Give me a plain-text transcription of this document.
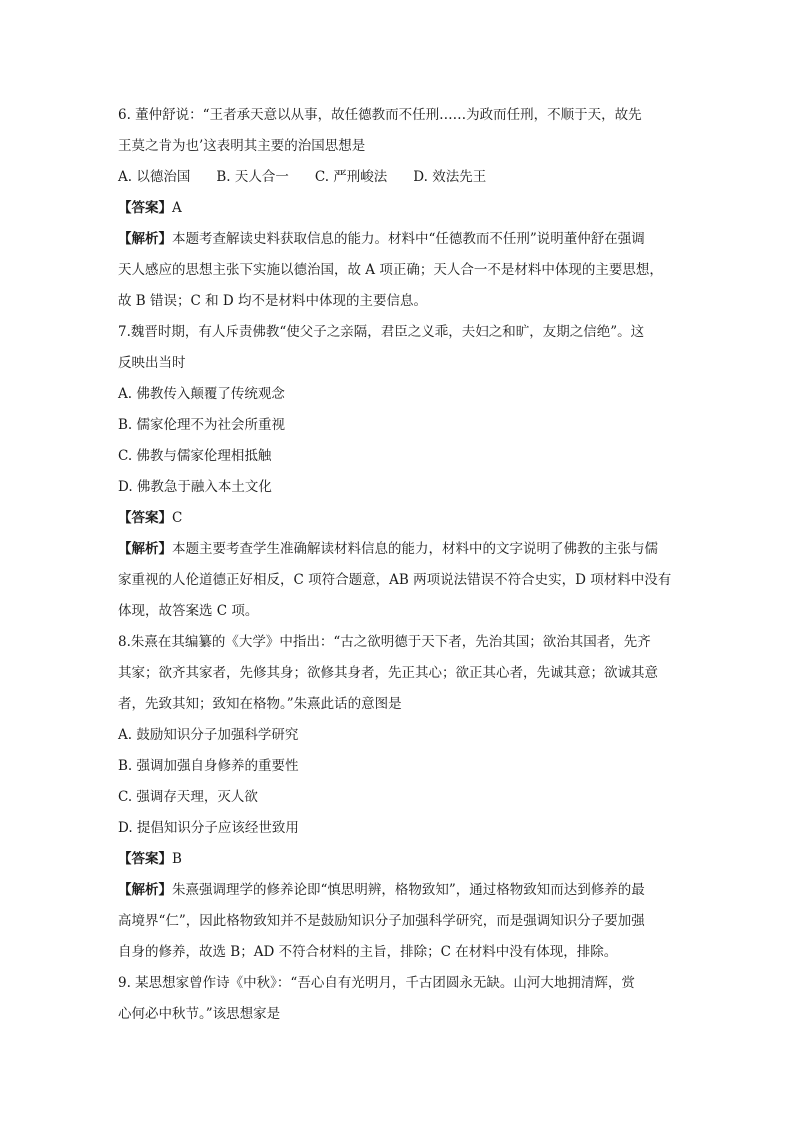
6. 董仲舒说：“王者承天意以从事，故任德教而不任刑……为政而任刑，不顺于天，故先
王莫之肯为也’这表明其主要的治国思想是
A. 以德治国 B. 天人合一 C. 严刑峻法 D. 效法先王
【答案】A
【解析】本题考查解读史料获取信息的能力。材料中“任德教而不任刑”说明董仲舒在强调
天人感应的思想主张下实施以德治国，故 A 项正确；天人合一不是材料中体现的主要思想，
故 B 错误；C 和 D 均不是材料中体现的主要信息。
7.魏晋时期，有人斥责佛教“使父子之亲隔，君臣之义乖，夫妇之和旷，友期之信绝”。这
反映出当时
A. 佛教传入颠覆了传统观念
B. 儒家伦理不为社会所重视
C. 佛教与儒家伦理相抵触
D. 佛教急于融入本土文化
【答案】C
【解析】本题主要考查学生准确解读材料信息的能力，材料中的文字说明了佛教的主张与儒
家重视的人伦道德正好相反，C 项符合题意，AB 两项说法错误不符合史实，D 项材料中没有
体现，故答案选 C 项。
8.朱熹在其编纂的《大学》中指出：“古之欲明德于天下者，先治其国；欲治其国者，先齐
其家；欲齐其家者，先修其身；欲修其身者，先正其心；欲正其心者，先诚其意；欲诚其意
者，先致其知；致知在格物。”朱熹此话的意图是
A. 鼓励知识分子加强科学研究
B. 强调加强自身修养的重要性
C. 强调存天理，灭人欲
D. 提倡知识分子应该经世致用
【答案】B
【解析】朱熹强调理学的修养论即“慎思明辨，格物致知”，通过格物致知而达到修养的最
高境界“仁”，因此格物致知并不是鼓励知识分子加强科学研究，而是强调知识分子要加强
自身的修养，故选 B；AD 不符合材料的主旨，排除；C 在材料中没有体现，排除。
9. 某思想家曾作诗《中秋》：“吾心自有光明月，千古团圆永无缺。山河大地拥清辉，赏
心何必中秋节。”该思想家是
